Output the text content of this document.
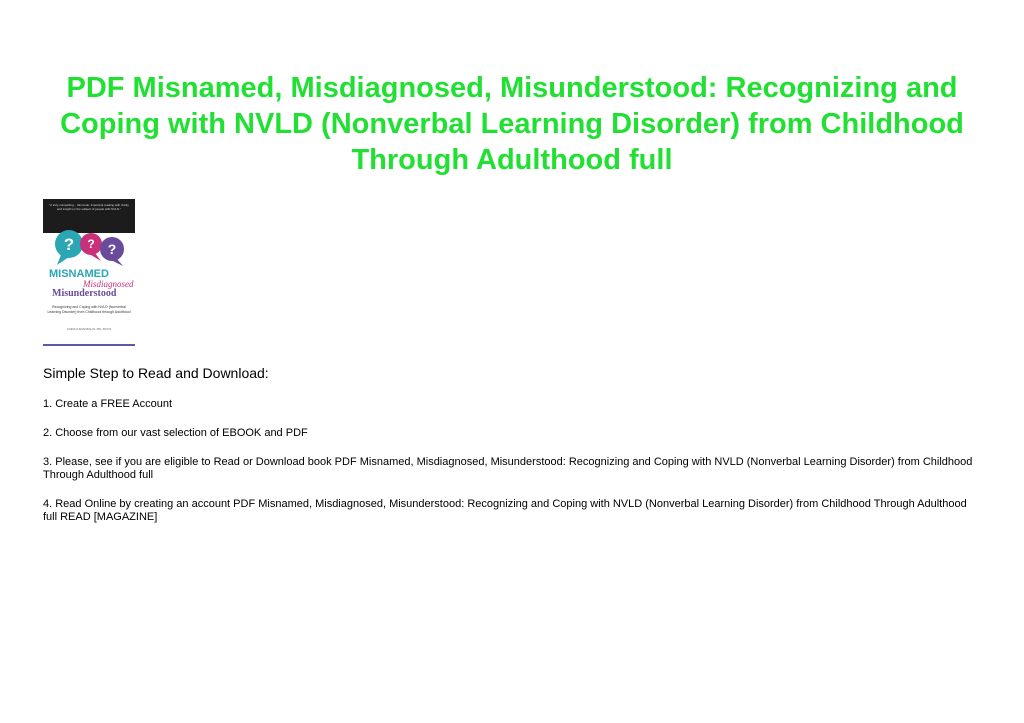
PDF Misnamed, Misdiagnosed, Misunderstood: Recognizing and Coping with NVLD (Nonverbal Learning Disorder) from Childhood Through Adulthood full
"A truly compelling... this book: important reading with clarity and insight on the subject of people with NVLD."
? ? ?
MISNAMED
Misdiagnosed
Misunderstood
Recognizing and Coping with NVLD (Nonverbal Learning Disorder) from Childhood through Adulthood
LINDA KARANZALIS, MS, BCCS

Simple Step to Read and Download:

1. Create a FREE Account

2. Choose from our vast selection of EBOOK and PDF

3. Please, see if you are eligible to Read or Download book PDF Misnamed, Misdiagnosed, Misunderstood: Recognizing and Coping with NVLD (Nonverbal Learning Disorder) from Childhood Through Adulthood full

4. Read Online by creating an account PDF Misnamed, Misdiagnosed, Misunderstood: Recognizing and Coping with NVLD (Nonverbal Learning Disorder) from Childhood Through Adulthood full READ [MAGAZINE]
